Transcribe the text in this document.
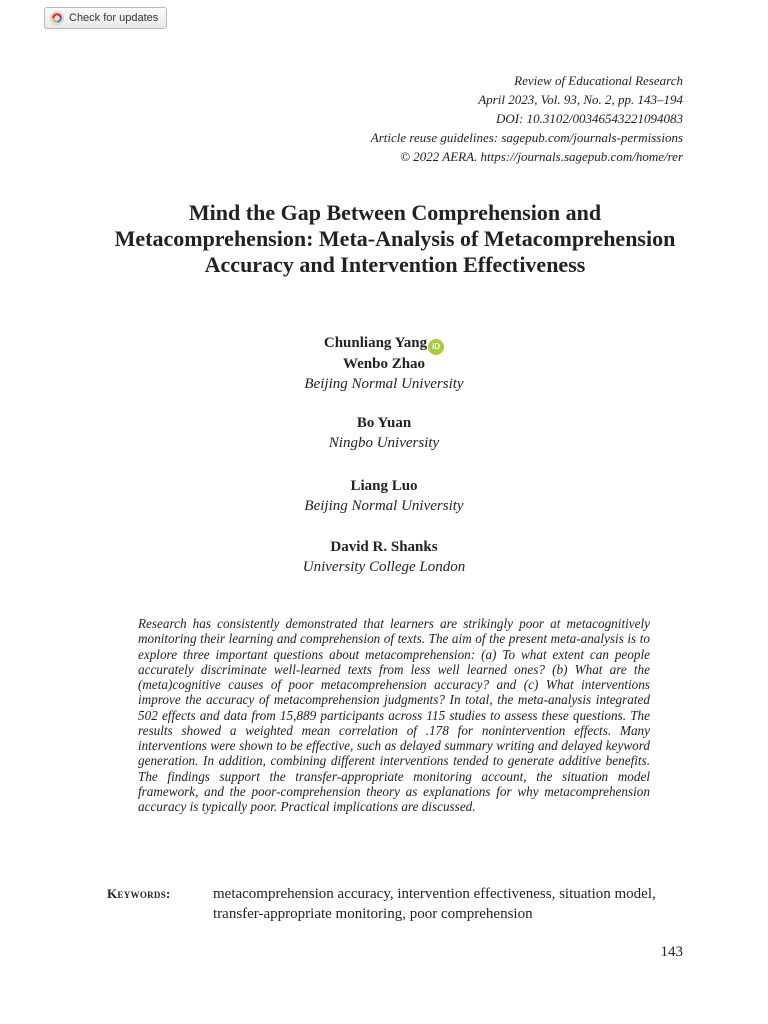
Check for updates
Review of Educational Research
April 2023, Vol. 93, No. 2, pp. 143–194
DOI: 10.3102/00346543221094083
Article reuse guidelines: sagepub.com/journals-permissions
© 2022 AERA. https://journals.sagepub.com/home/rer
Mind the Gap Between Comprehension and Metacomprehension: Meta-Analysis of Metacomprehension Accuracy and Intervention Effectiveness
Chunliang Yang iD
Wenbo Zhao
Beijing Normal University
Bo Yuan
Ningbo University
Liang Luo
Beijing Normal University
David R. Shanks
University College London

Research has consistently demonstrated that learners are strikingly poor at metacognitively monitoring their learning and comprehension of texts. The aim of the present meta-analysis is to explore three important questions about metacomprehension: (a) To what extent can people accurately discriminate well-learned texts from less well learned ones? (b) What are the (meta)cognitive causes of poor metacomprehension accuracy? and (c) What interventions improve the accuracy of metacomprehension judgments? In total, the meta-analysis integrated 502 effects and data from 15,889 participants across 115 studies to assess these questions. The results showed a weighted mean correlation of .178 for nonintervention effects. Many interventions were shown to be effective, such as delayed summary writing and delayed keyword generation. In addition, combining different interventions tended to generate additive benefits. The findings support the transfer-appropriate monitoring account, the situation model framework, and the poor-comprehension theory as explanations for why metacomprehension accuracy is typically poor. Practical implications are discussed.

Keywords:	metacomprehension accuracy, intervention effectiveness, situation model, transfer-appropriate monitoring, poor comprehension
143
